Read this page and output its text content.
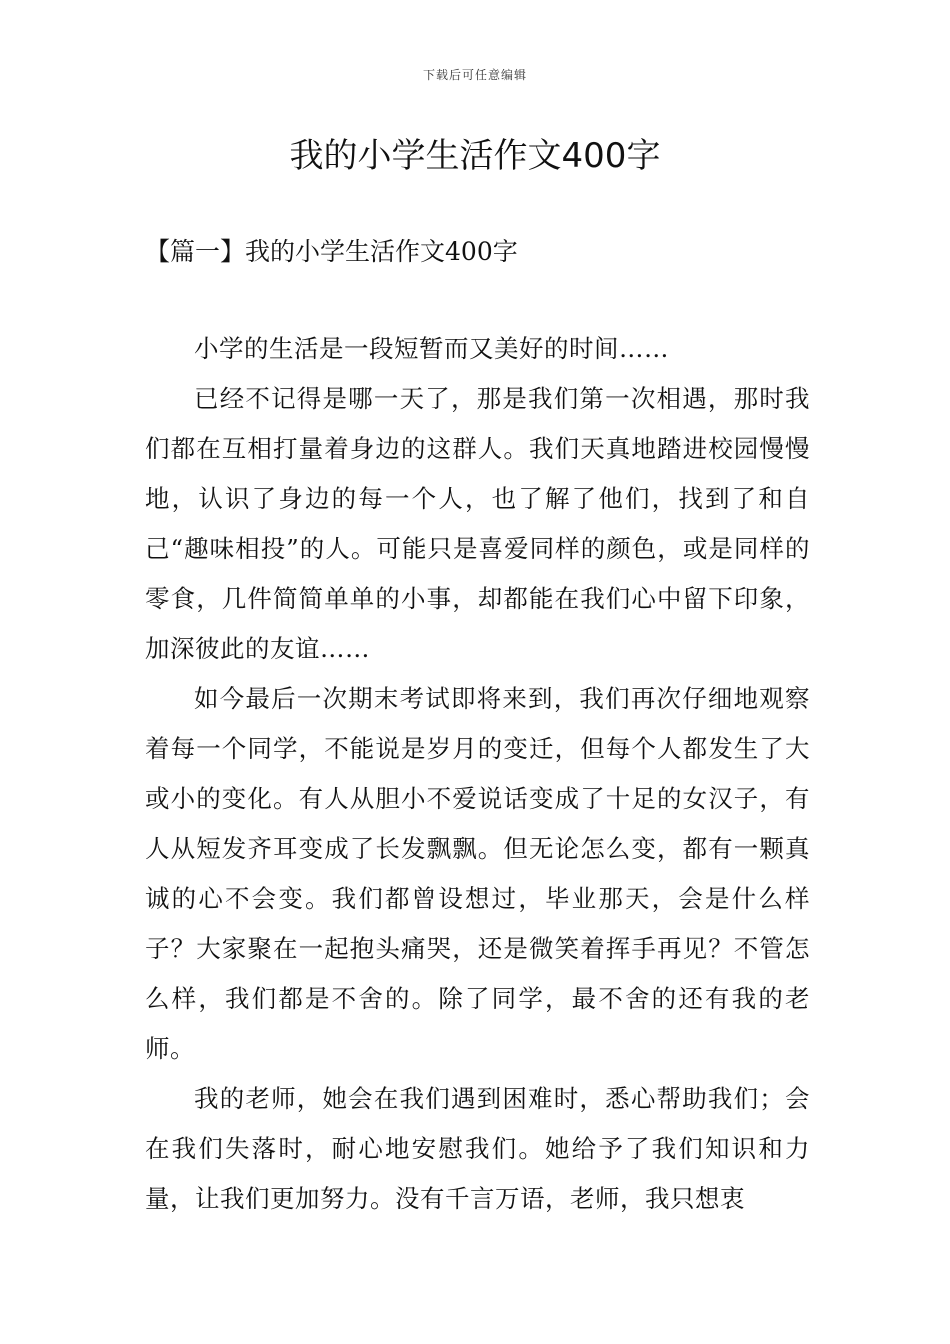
下载后可任意编辑
我的小学生活作文400字
【篇一】我的小学生活作文400字

小学的生活是一段短暂而又美好的时间……

已经不记得是哪一天了，那是我们第一次相遇，那时我们都在互相打量着身边的这群人。我们天真地踏进校园慢慢地，认识了身边的每一个人，也了解了他们，找到了和自己“趣味相投”的人。可能只是喜爱同样的颜色，或是同样的零食，几件简简单单的小事，却都能在我们心中留下印象，加深彼此的友谊……

如今最后一次期末考试即将来到，我们再次仔细地观察着每一个同学，不能说是岁月的变迁，但每个人都发生了大或小的变化。有人从胆小不爱说话变成了十足的女汉子，有人从短发齐耳变成了长发飘飘。但无论怎么变，都有一颗真诚的心不会变。我们都曾设想过，毕业那天，会是什么样子？大家聚在一起抱头痛哭，还是微笑着挥手再见？不管怎么样，我们都是不舍的。除了同学，最不舍的还有我的老师。

我的老师，她会在我们遇到困难时，悉心帮助我们；会在我们失落时，耐心地安慰我们。她给予了我们知识和力量，让我们更加努力。没有千言万语，老师，我只想衷
